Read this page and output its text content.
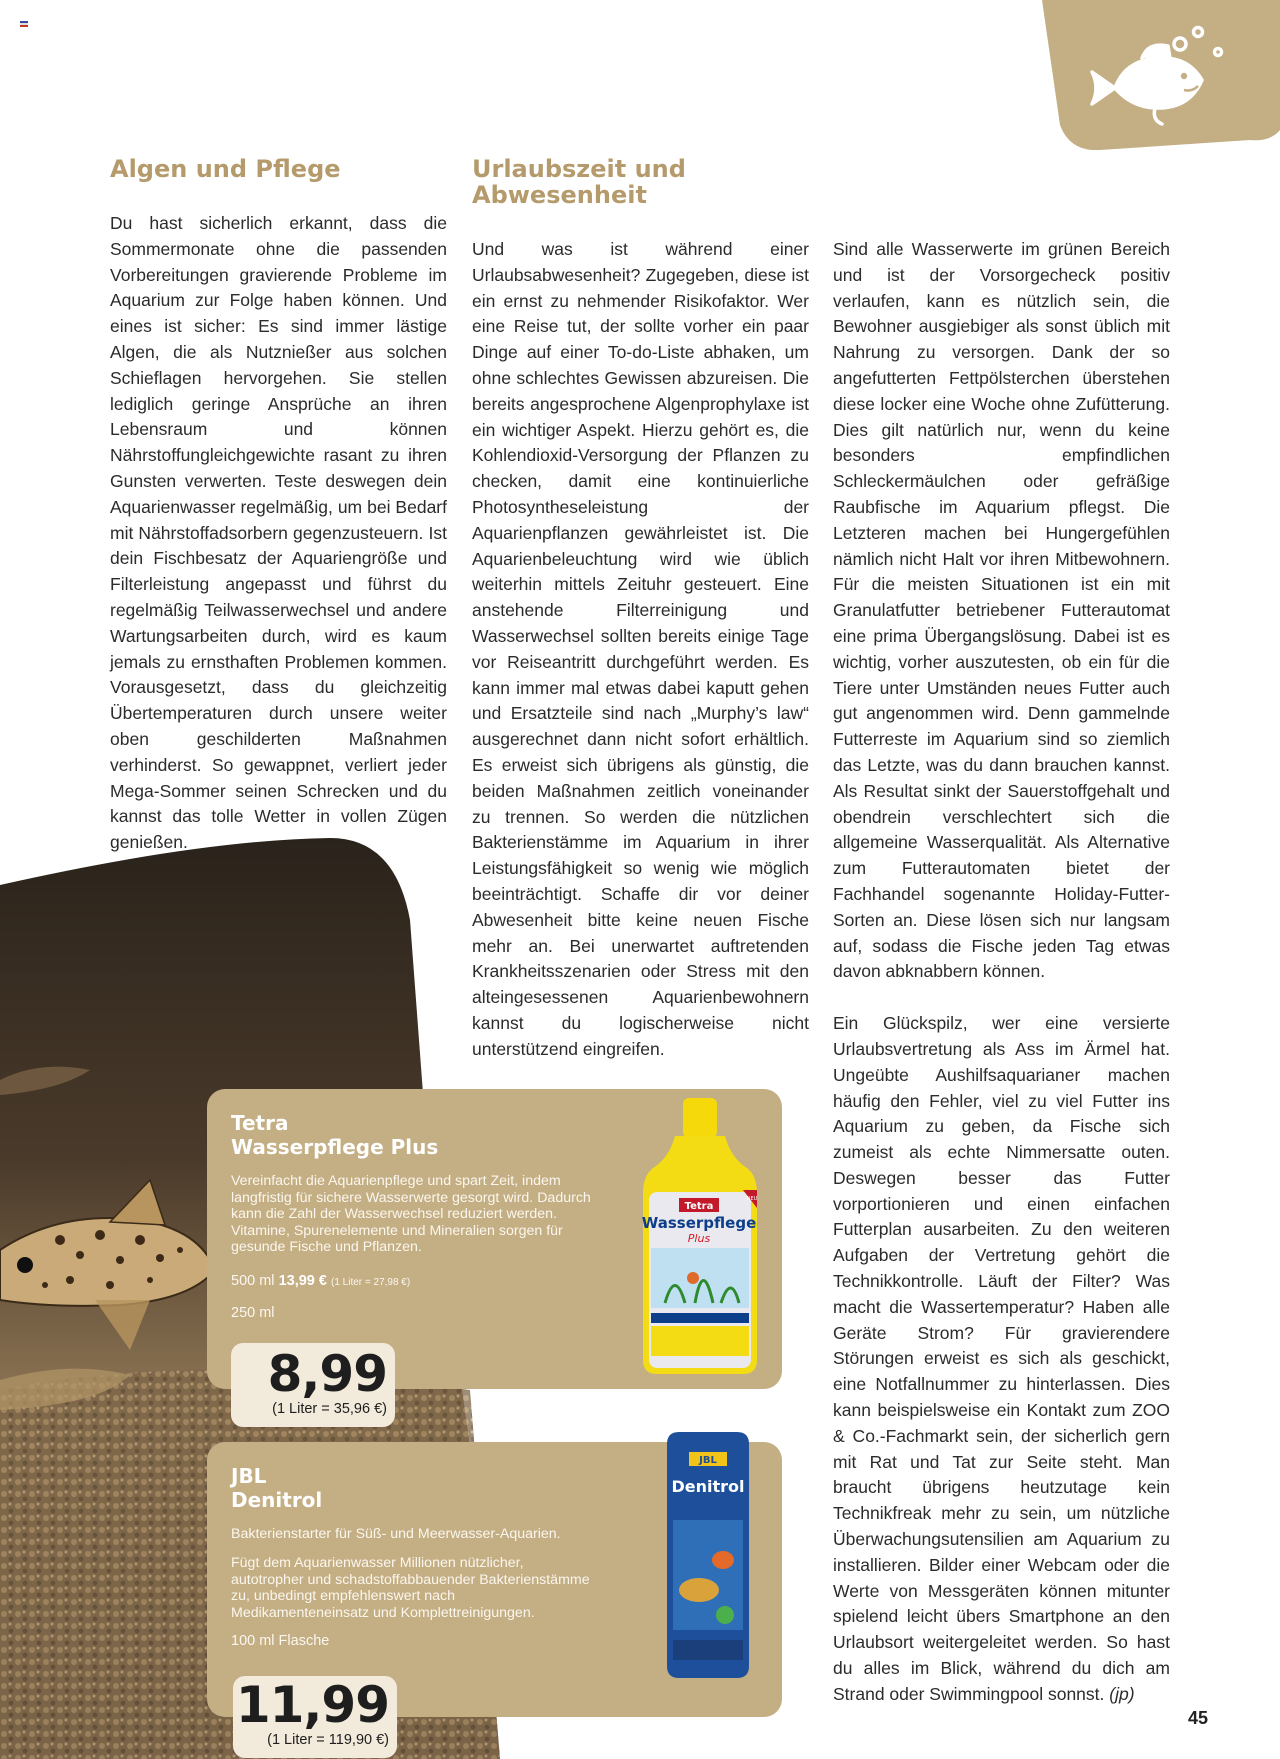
Algen und Pflege

Du hast sicherlich erkannt, dass die Sommermonate ohne die passenden Vorbereitungen gravierende Probleme im Aquarium zur Folge haben können. Und eines ist sicher: Es sind immer lästige Algen, die als Nutznießer aus solchen Schieflagen hervorgehen. Sie stellen lediglich geringe Ansprüche an ihren Lebensraum und können Nährstoffungleichgewichte rasant zu ihren Gunsten verwerten. Teste deswegen dein Aquarienwasser regelmäßig, um bei Bedarf mit Nährstoffadsorbern gegenzusteuern. Ist dein Fischbesatz der Aquariengröße und Filterleistung angepasst und führst du regelmäßig Teilwasserwechsel und andere Wartungsarbeiten durch, wird es kaum jemals zu ernsthaften Problemen kommen. Vorausgesetzt, dass du gleichzeitig Übertemperaturen durch unsere weiter oben geschilderten Maßnahmen verhinderst. So gewappnet, verliert jeder Mega-Sommer seinen Schrecken und du kannst das tolle Wetter in vollen Zügen genießen.

Urlaubszeit und Abwesenheit

Und was ist während einer Urlaubsabwesenheit? Zugegeben, diese ist ein ernst zu nehmender Risikofaktor. Wer eine Reise tut, der sollte vorher ein paar Dinge auf einer To-do-Liste abhaken, um ohne schlechtes Gewissen abzureisen. Die bereits angesprochene Algenprophylaxe ist ein wichtiger Aspekt. Hierzu gehört es, die Kohlendioxid-Versorgung der Pflanzen zu checken, damit eine kontinuierliche Photosyntheseleistung der Aquarienpflanzen gewährleistet ist. Die Aquarienbeleuchtung wird wie üblich weiterhin mittels Zeituhr gesteuert. Eine anstehende Filterreinigung und Wasserwechsel sollten bereits einige Tage vor Reiseantritt durchgeführt werden. Es kann immer mal etwas dabei kaputt gehen und Ersatzteile sind nach „Murphy’s law“ ausgerechnet dann nicht sofort erhältlich. Es erweist sich übrigens als günstig, die beiden Maßnahmen zeitlich voneinander zu trennen. So werden die nützlichen Bakterienstämme im Aquarium in ihrer Leistungsfähigkeit so wenig wie möglich beeinträchtigt. Schaffe dir vor deiner Abwesenheit bitte keine neuen Fische mehr an. Bei unerwartet auftretenden Krankheitsszenarien oder Stress mit den alteingesessenen Aquarienbewohnern kannst du logischerweise nicht unterstützend eingreifen.

Sind alle Wasserwerte im grünen Bereich und ist der Vorsorgecheck positiv verlaufen, kann es nützlich sein, die Bewohner ausgiebiger als sonst üblich mit Nahrung zu versorgen. Dank der so angefutterten Fettpölsterchen überstehen diese locker eine Woche ohne Zufütterung. Dies gilt natürlich nur, wenn du keine besonders empfindlichen Schleckermäulchen oder gefräßige Raubfische im Aquarium pflegst. Die Letzteren machen bei Hungergefühlen nämlich nicht Halt vor ihren Mitbewohnern. Für die meisten Situationen ist ein mit Granulatfutter betriebener Futterautomat eine prima Übergangslösung. Dabei ist es wichtig, vorher auszutesten, ob ein für die Tiere unter Umständen neues Futter auch gut angenommen wird. Denn gammelnde Futterreste im Aquarium sind so ziemlich das Letzte, was du dann brauchen kannst. Als Resultat sinkt der Sauerstoffgehalt und obendrein verschlechtert sich die allgemeine Wasserqualität. Als Alternative zum Futterautomaten bietet der Fachhandel sogenannte Holiday-Futter-Sorten an. Diese lösen sich nur langsam auf, sodass die Fische jeden Tag etwas davon abknabbern können.

Ein Glückspilz, wer eine versierte Urlaubsvertretung als Ass im Ärmel hat. Ungeübte Aushilfsaquarianer machen häufig den Fehler, viel zu viel Futter ins Aquarium zu geben, da Fische sich zumeist als echte Nimmersatte outen. Deswegen besser das Futter vorportionieren und einen einfachen Futterplan ausarbeiten. Zu den weiteren Aufgaben der Vertretung gehört die Technikkontrolle. Läuft der Filter? Was macht die Wassertemperatur? Haben alle Geräte Strom? Für gravierendere Störungen erweist es sich als geschickt, eine Notfallnummer zu hinterlassen. Dies kann beispielsweise ein Kontakt zum ZOO & Co.-Fachmarkt sein, der sicherlich gern mit Rat und Tat zur Seite steht. Man braucht übrigens heutzutage kein Technikfreak mehr zu sein, um nützliche Überwachungsutensilien am Aquarium zu installieren. Bilder einer Webcam oder die Werte von Messgeräten können mitunter spielend leicht übers Smartphone an den Urlaubsort weitergeleitet werden. So hast du alles im Blick, während du dich am Strand oder Swimmingpool sonnst. (jp)

Tetra
Wasserpflege Plus
Vereinfacht die Aquarienpflege und spart Zeit, indem langfristig für sichere Wasserwerte gesorgt wird. Dadurch kann die Zahl der Wasserwechsel reduziert werden. Vitamine, Spurenelemente und Mineralien sorgen für gesunde Fische und Pflanzen.
500 ml 13,99 € (1 Liter = 27,98 €)
250 ml
8,99
(1 Liter = 35,96 €)
Tetra
Wasserpflege
Plus
NEU
JBL
Denitrol
Bakterienstarter für Süß- und Meerwasser-Aquarien.
Fügt dem Aquarienwasser Millionen nützlicher, autotropher und schadstoffabbauender Bakterienstämme zu, unbedingt empfehlenswert nach Medikamenteneinsatz und Komplettreinigungen.
100 ml Flasche
11,99
(1 Liter = 119,90 €)
JBL
Denitrol
45
